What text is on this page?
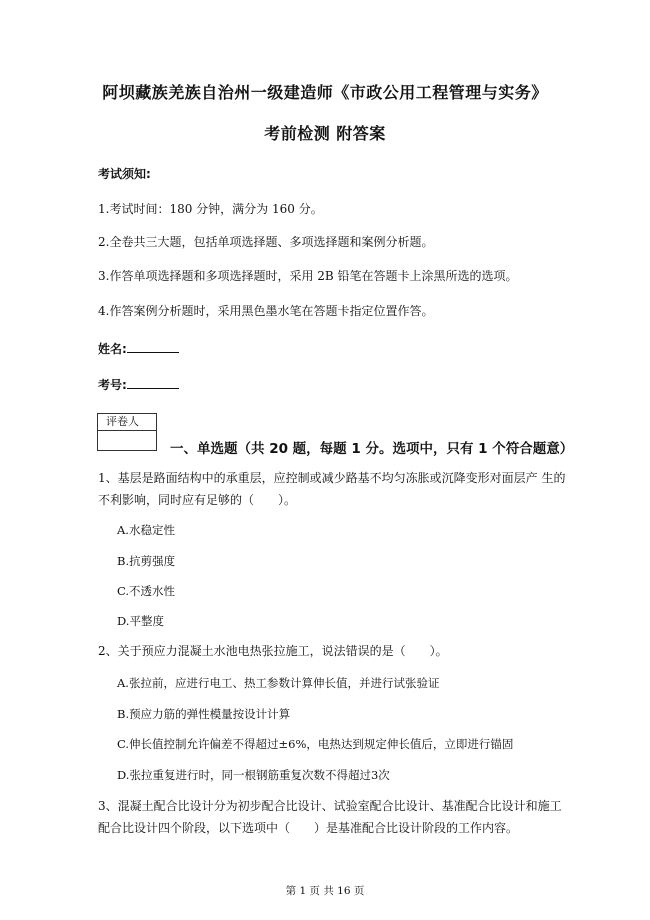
阿坝藏族羌族自治州一级建造师《市政公用工程管理与实务》
考前检测 附答案
考试须知:
1.考试时间：180 分钟，满分为 160 分。
2.全卷共三大题，包括单项选择题、多项选择题和案例分析题。
3.作答单项选择题和多项选择题时，采用 2B 铅笔在答题卡上涂黑所选的选项。
4.作答案例分析题时，采用黑色墨水笔在答题卡指定位置作答。
姓名:
考号:
评卷人
一、单选题（共 20 题，每题 1 分。选项中，只有 1 个符合题意）
1、基层是路面结构中的承重层，应控制或减少路基不均匀冻胀或沉降变形对面层产 生的不利影响，同时应有足够的（　　）。
A.水稳定性
B.抗剪强度
C.不透水性
D.平整度
2、关于预应力混凝土水池电热张拉施工，说法错误的是（　　）。
A.张拉前，应进行电工、热工参数计算伸长值，并进行试张验证
B.预应力筋的弹性模量按设计计算
C.伸长值控制允许偏差不得超过±6%，电热达到规定伸长值后，立即进行锚固
D.张拉重复进行时，同一根钢筋重复次数不得超过3次
3、混凝土配合比设计分为初步配合比设计、试验室配合比设计、基准配合比设计和施工配合比设计四个阶段，以下选项中（　　）是基准配合比设计阶段的工作内容。
第 1 页 共 16 页
